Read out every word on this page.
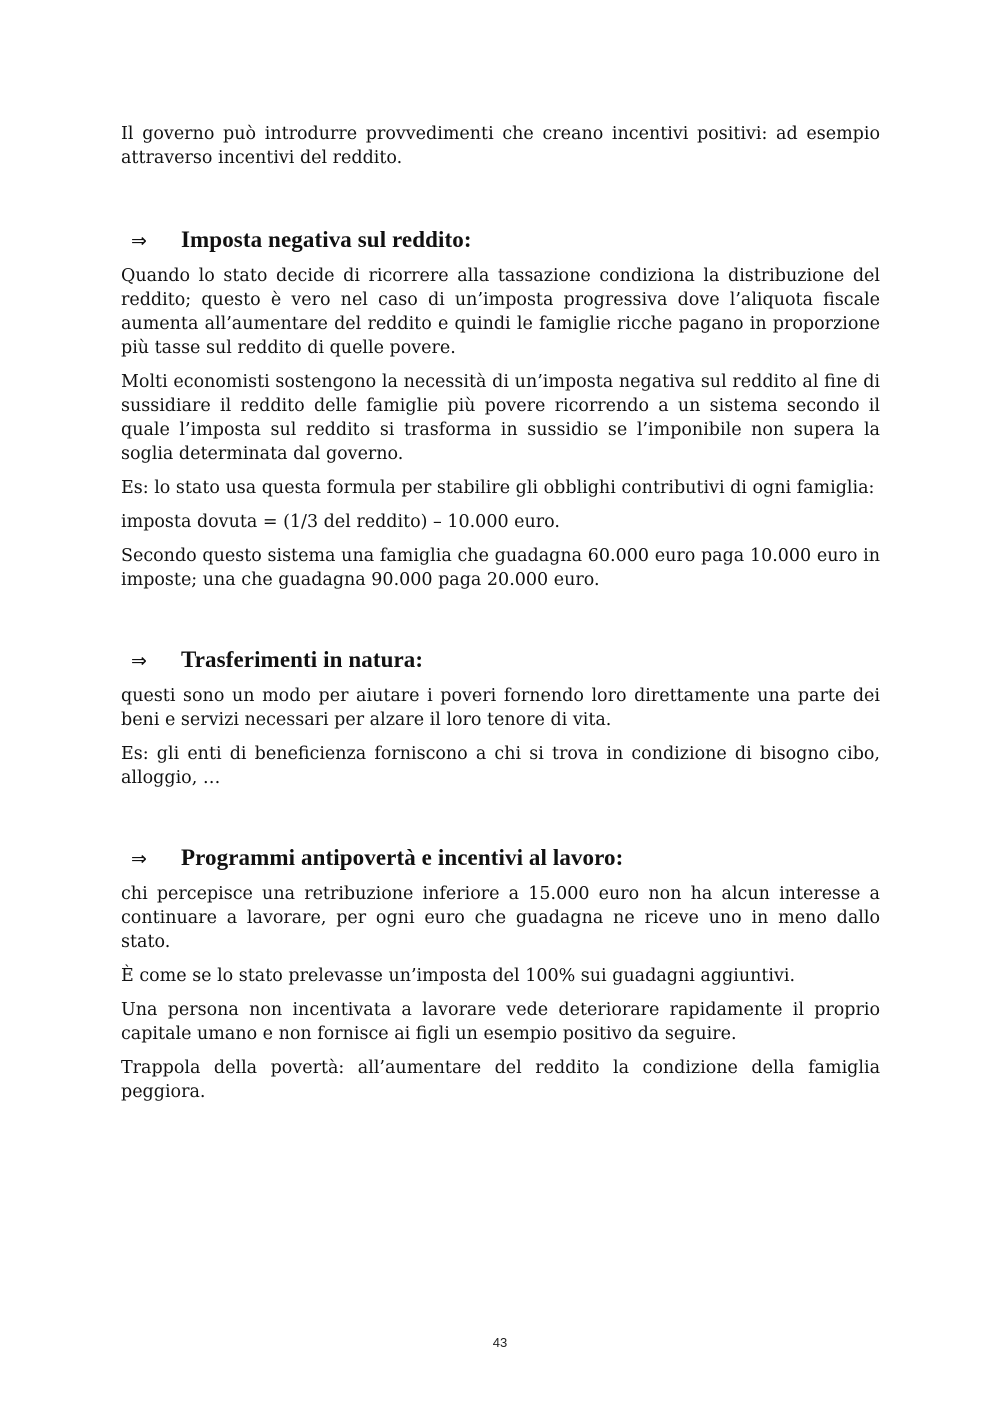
Il governo può introdurre provvedimenti che creano incentivi positivi: ad esempio attraverso incentivi del reddito.

⇒	Imposta negativa sul reddito:

Quando lo stato decide di ricorrere alla tassazione condiziona la distribuzione del reddito; questo è vero nel caso di un’imposta progressiva dove l’aliquota fiscale aumenta all’aumentare del reddito e quindi le famiglie ricche pagano in proporzione più tasse sul reddito di quelle povere.

Molti economisti sostengono la necessità di un’imposta negativa sul reddito al fine di sussidiare il reddito delle famiglie più povere ricorrendo a un sistema secondo il quale l’imposta sul reddito si trasforma in sussidio se l’imponibile non supera la soglia determinata dal governo.

Es: lo stato usa questa formula per stabilire gli obblighi contributivi di ogni famiglia:

imposta dovuta = (1/3 del reddito) – 10.000 euro.

Secondo questo sistema una famiglia che guadagna 60.000 euro paga 10.000 euro in imposte; una che guadagna 90.000 paga 20.000 euro.

⇒	Trasferimenti in natura:

questi sono un modo per aiutare i poveri fornendo loro direttamente una parte dei beni e servizi necessari per alzare il loro tenore di vita.

Es: gli enti di beneficienza forniscono a chi si trova in condizione di bisogno cibo, alloggio, …

⇒	Programmi antipovertà e incentivi al lavoro:

chi percepisce una retribuzione inferiore a 15.000 euro non ha alcun interesse a continuare a lavorare, per ogni euro che guadagna ne riceve uno in meno dallo stato.

È come se lo stato prelevasse un’imposta del 100% sui guadagni aggiuntivi.

Una persona non incentivata a lavorare vede deteriorare rapidamente il proprio capitale umano e non fornisce ai figli un esempio positivo da seguire.

Trappola della povertà: all’aumentare del reddito la condizione della famiglia peggiora.

43
